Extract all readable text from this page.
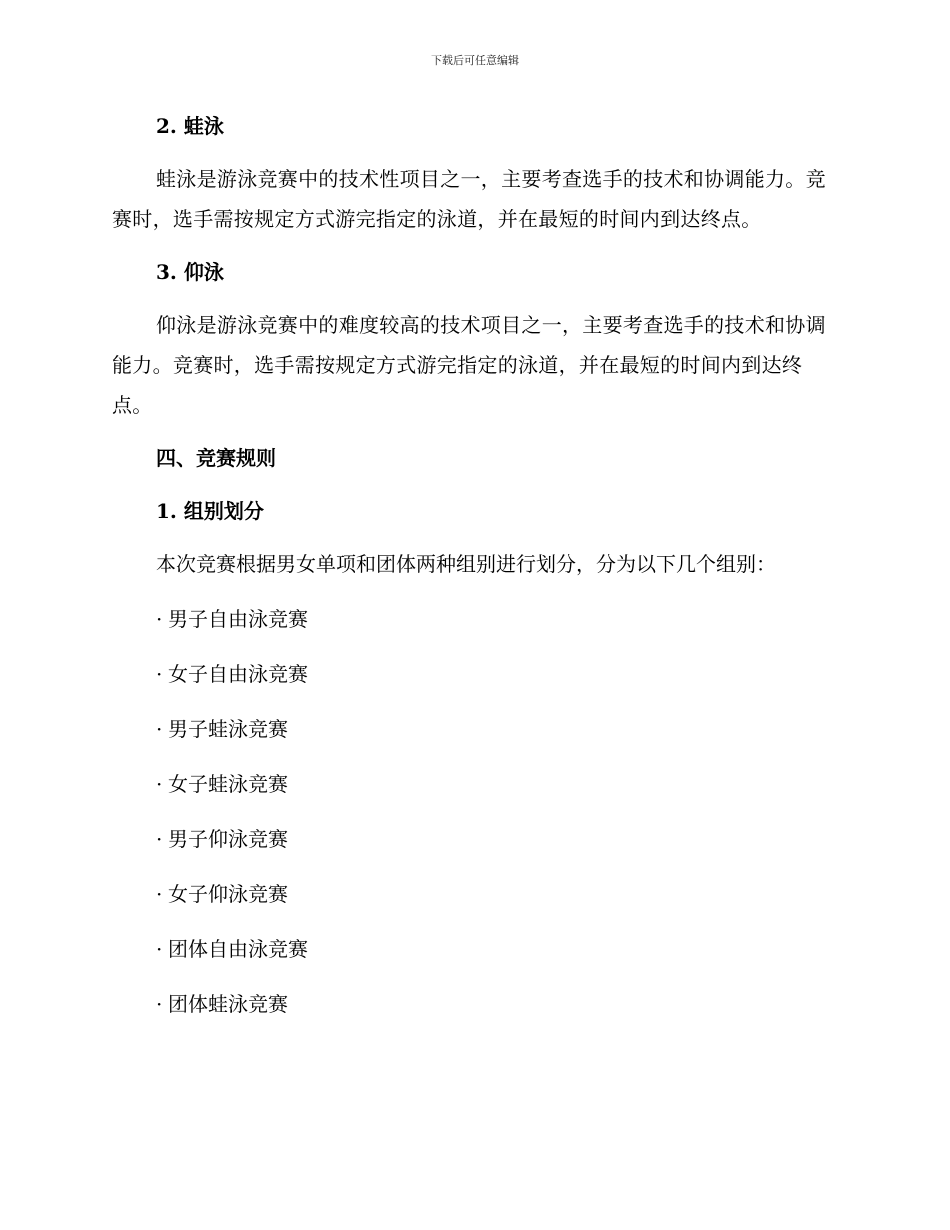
下载后可任意编辑
2. 蛙泳

蛙泳是游泳竞赛中的技术性项目之一，主要考查选手的技术和协调能力。竞赛时，选手需按规定方式游完指定的泳道，并在最短的时间内到达终点。

3. 仰泳

仰泳是游泳竞赛中的难度较高的技术项目之一，主要考查选手的技术和协调能力。竞赛时，选手需按规定方式游完指定的泳道，并在最短的时间内到达终点。

四、竞赛规则
1. 组别划分

本次竞赛根据男女单项和团体两种组别进行划分，分为以下几个组别：

· 男子自由泳竞赛
· 女子自由泳竞赛
· 男子蛙泳竞赛
· 女子蛙泳竞赛
· 男子仰泳竞赛
· 女子仰泳竞赛
· 团体自由泳竞赛
· 团体蛙泳竞赛
